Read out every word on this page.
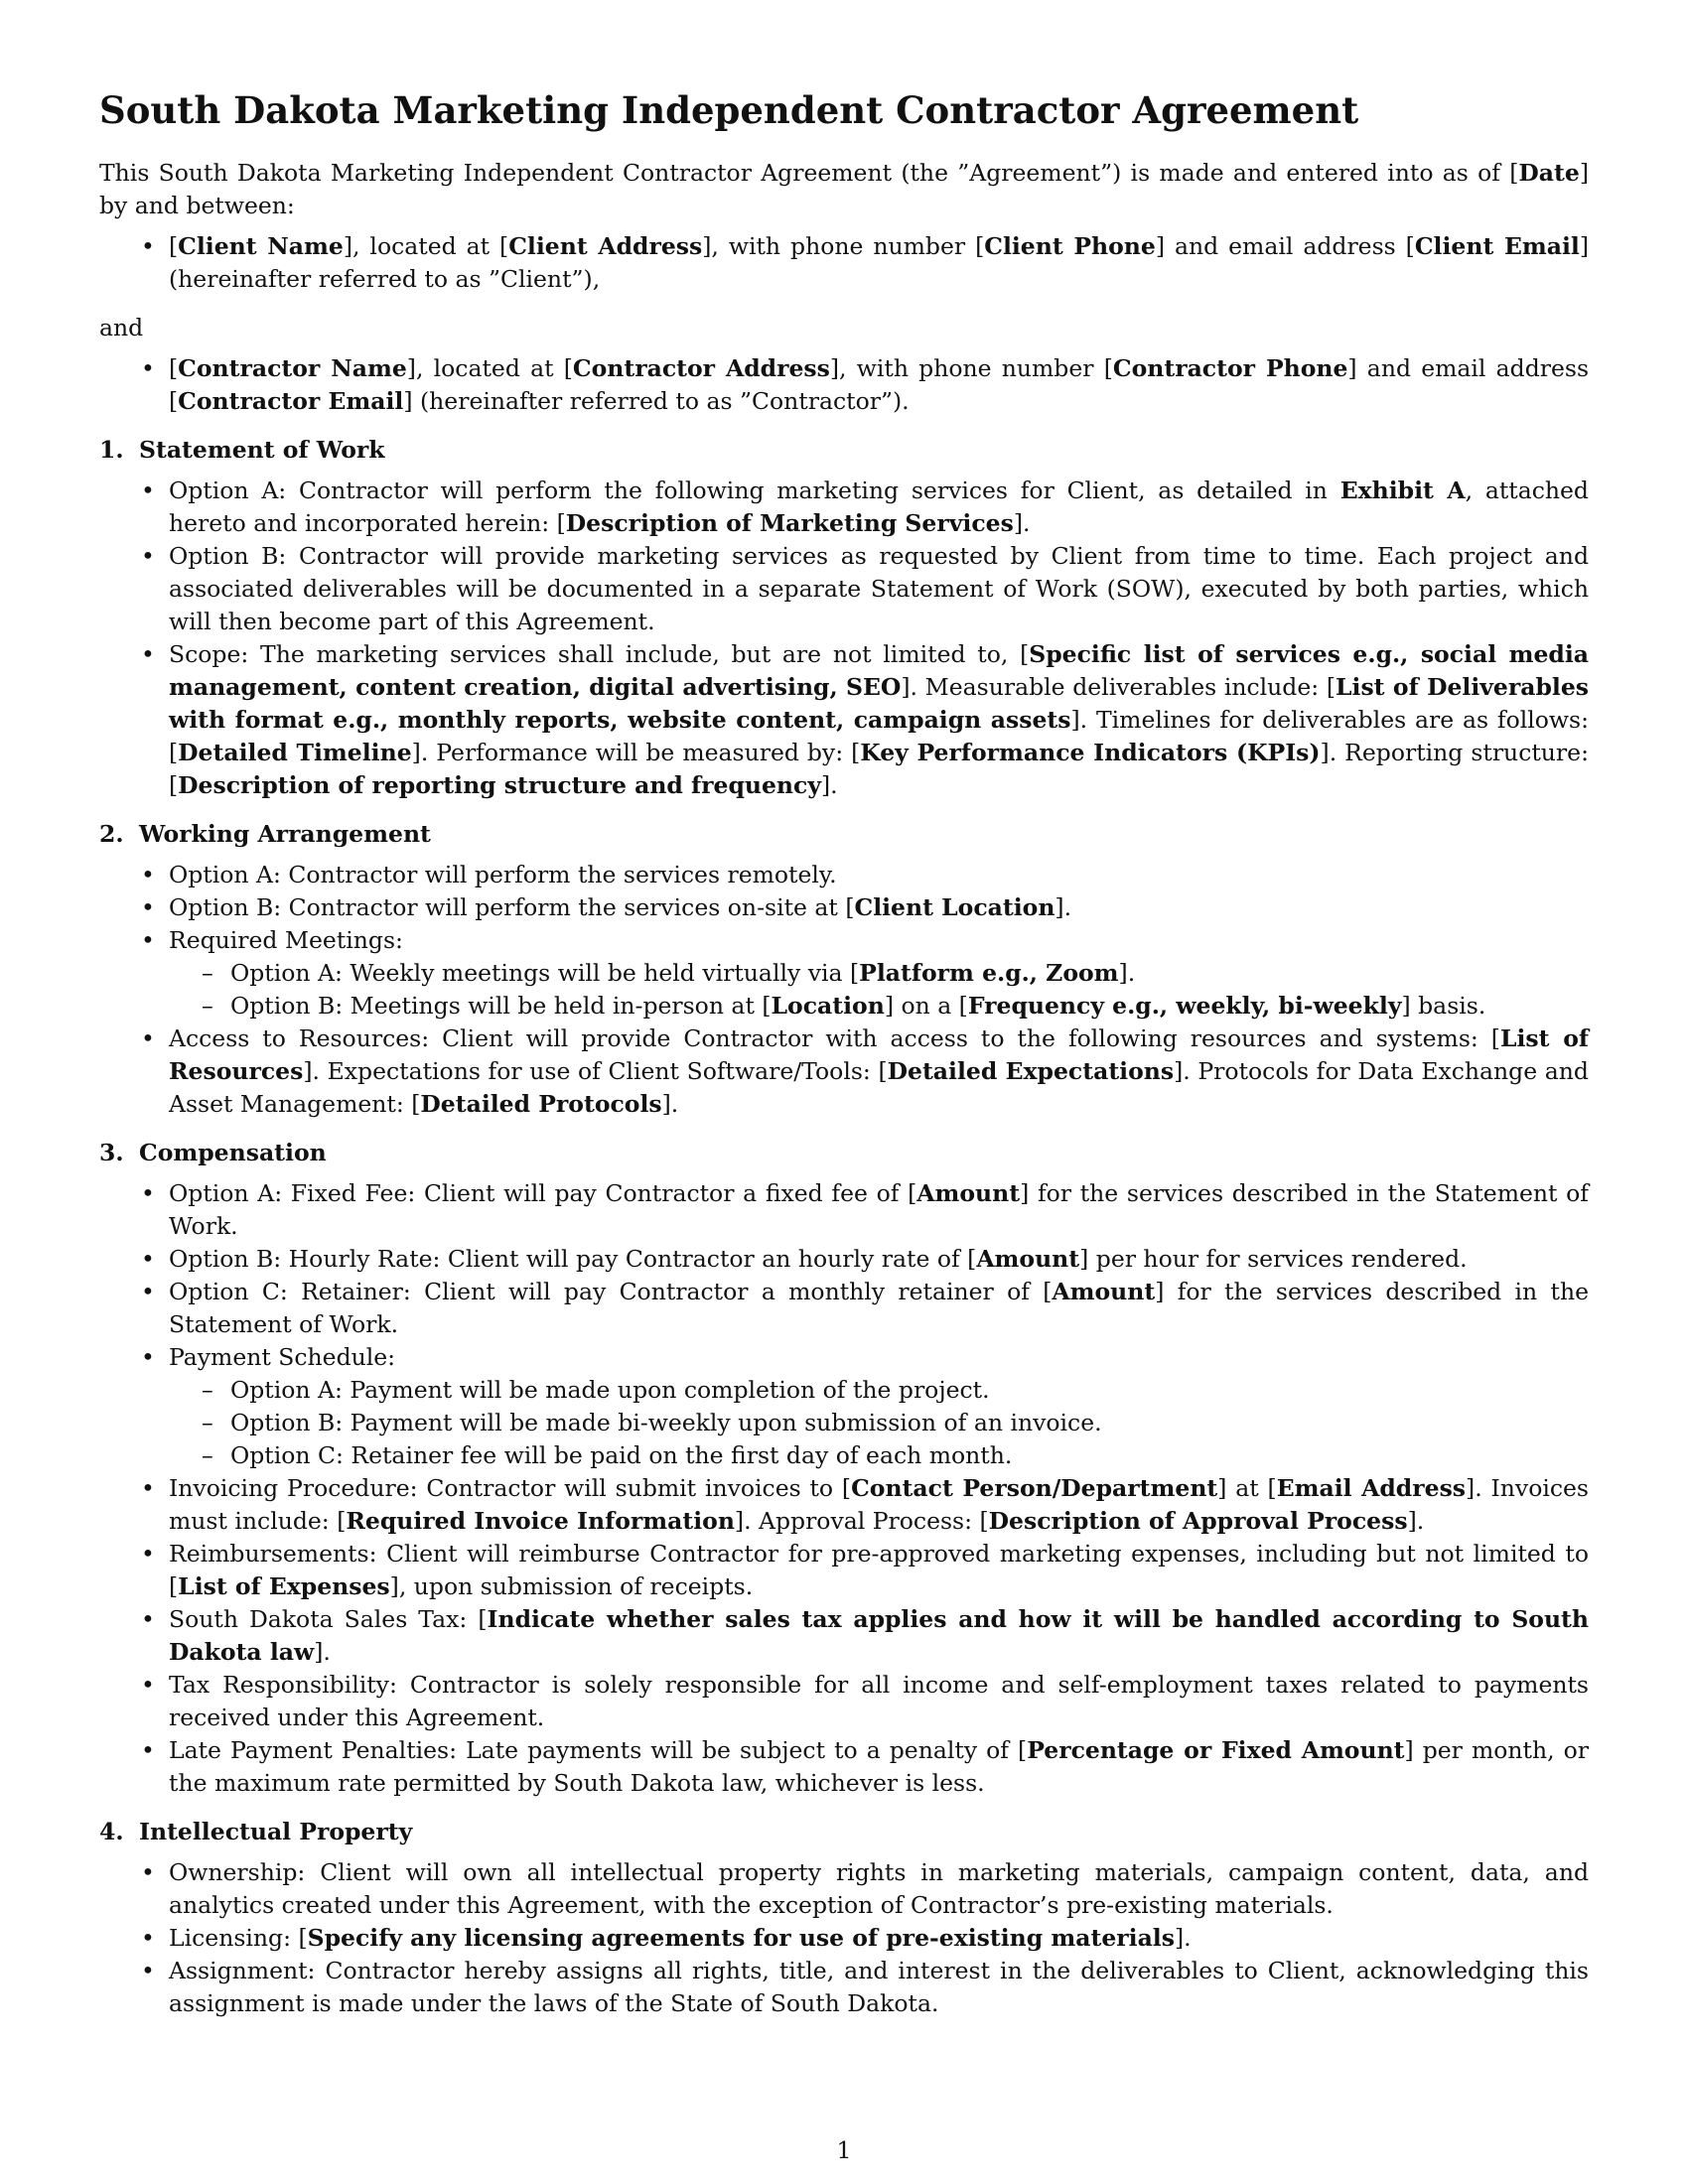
South Dakota Marketing Independent Contractor Agreement

This South Dakota Marketing Independent Contractor Agreement (the ”Agreement”) is made and entered into as of [Date] by and between:

• [Client Name], located at [Client Address], with phone number [Client Phone] and email address [Client Email] (hereinafter referred to as ”Client”),

and

• [Contractor Name], located at [Contractor Address], with phone number [Contractor Phone] and email address [Contractor Email] (hereinafter referred to as ”Contractor”).

1. Statement of Work

• Option A: Contractor will perform the following marketing services for Client, as detailed in Exhibit A, attached hereto and incorporated herein: [Description of Marketing Services].
• Option B: Contractor will provide marketing services as requested by Client from time to time. Each project and associated deliverables will be documented in a separate Statement of Work (SOW), executed by both parties, which will then become part of this Agreement.
• Scope: The marketing services shall include, but are not limited to, [Specific list of services e.g., social media management, content creation, digital advertising, SEO]. Measurable deliverables include: [List of Deliverables with format e.g., monthly reports, website content, campaign assets]. Timelines for deliverables are as follows: [Detailed Timeline]. Performance will be measured by: [Key Performance Indicators (KPIs)]. Reporting structure: [Description of reporting structure and frequency].

2. Working Arrangement

• Option A: Contractor will perform the services remotely.
• Option B: Contractor will perform the services on-site at [Client Location].
• Required Meetings:
– Option A: Weekly meetings will be held virtually via [Platform e.g., Zoom].
– Option B: Meetings will be held in-person at [Location] on a [Frequency e.g., weekly, bi-weekly] basis.
• Access to Resources: Client will provide Contractor with access to the following resources and systems: [List of Resources]. Expectations for use of Client Software/Tools: [Detailed Expectations]. Protocols for Data Exchange and Asset Management: [Detailed Protocols].

3. Compensation

• Option A: Fixed Fee: Client will pay Contractor a fixed fee of [Amount] for the services described in the Statement of Work.
• Option B: Hourly Rate: Client will pay Contractor an hourly rate of [Amount] per hour for services rendered.
• Option C: Retainer: Client will pay Contractor a monthly retainer of [Amount] for the services described in the Statement of Work.
• Payment Schedule:
– Option A: Payment will be made upon completion of the project.
– Option B: Payment will be made bi-weekly upon submission of an invoice.
– Option C: Retainer fee will be paid on the first day of each month.
• Invoicing Procedure: Contractor will submit invoices to [Contact Person/Department] at [Email Address]. Invoices must include: [Required Invoice Information]. Approval Process: [Description of Approval Process].
• Reimbursements: Client will reimburse Contractor for pre-approved marketing expenses, including but not limited to [List of Expenses], upon submission of receipts.
• South Dakota Sales Tax: [Indicate whether sales tax applies and how it will be handled according to South Dakota law].
• Tax Responsibility: Contractor is solely responsible for all income and self-employment taxes related to payments received under this Agreement.
• Late Payment Penalties: Late payments will be subject to a penalty of [Percentage or Fixed Amount] per month, or the maximum rate permitted by South Dakota law, whichever is less.

4. Intellectual Property

• Ownership: Client will own all intellectual property rights in marketing materials, campaign content, data, and analytics created under this Agreement, with the exception of Contractor’s pre-existing materials.
• Licensing: [Specify any licensing agreements for use of pre-existing materials].
• Assignment: Contractor hereby assigns all rights, title, and interest in the deliverables to Client, acknowledging this assignment is made under the laws of the State of South Dakota.
1
